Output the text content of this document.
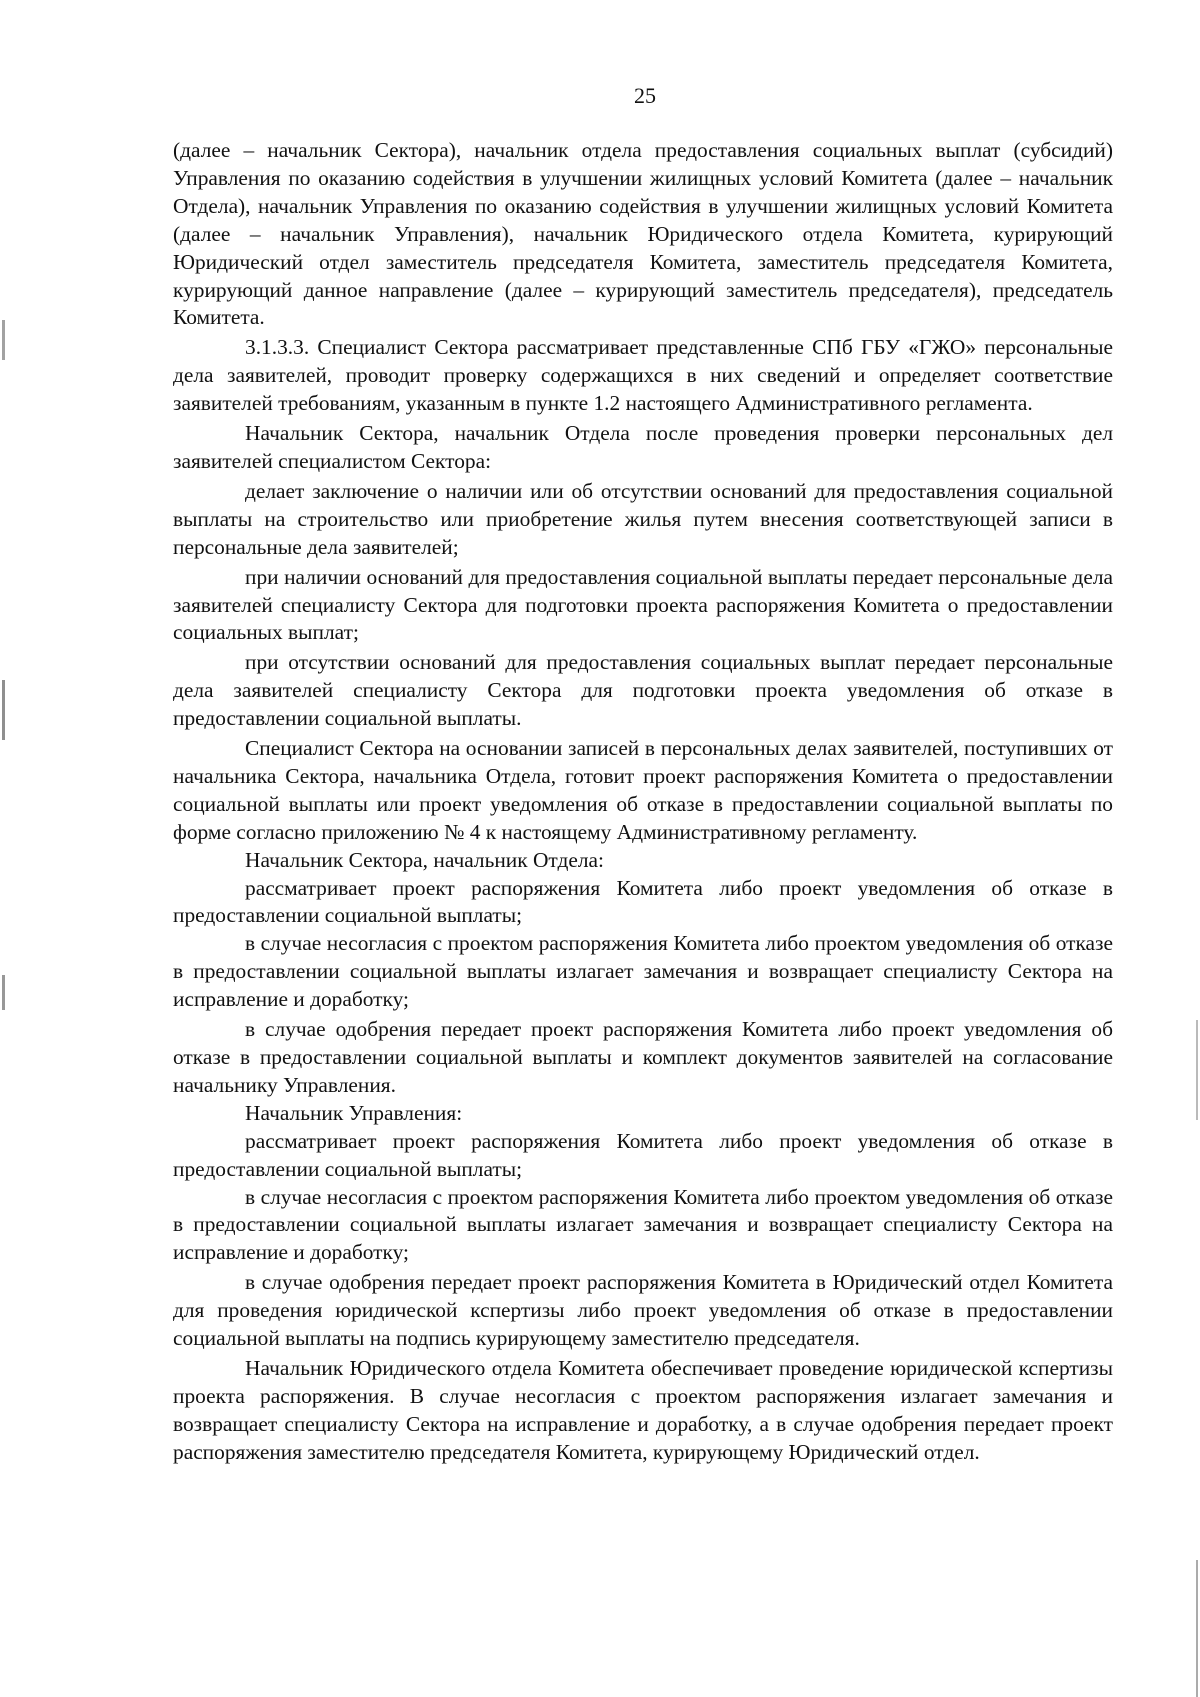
25

(далее – начальник Сектора), начальник отдела предоставления социальных выплат (субсидий) Управления по оказанию содействия в улучшении жилищных условий Комитета (далее – начальник Отдела), начальник Управления по оказанию содействия в улучшении жилищных условий Комитета (далее – начальник Управления), начальник Юридического отдела Комитета, курирующий Юридический отдел заместитель председателя Комитета, заместитель председателя Комитета, курирующий данное направление (далее – курирующий заместитель председателя), председатель Комитета.

3.1.3.3. Специалист Сектора рассматривает представленные СПб ГБУ «ГЖО» персональные дела заявителей, проводит проверку содержащихся в них сведений и определяет соответствие заявителей требованиям, указанным в пункте 1.2 настоящего Административного регламента.

Начальник Сектора, начальник Отдела после проведения проверки персональных дел заявителей специалистом Сектора:

делает заключение о наличии или об отсутствии оснований для предоставления социальной выплаты на строительство или приобретение жилья путем внесения соответствующей записи в персональные дела заявителей;

при наличии оснований для предоставления социальной выплаты передает персональные дела заявителей специалисту Сектора для подготовки проекта распоряжения Комитета о предоставлении социальных выплат;

при отсутствии оснований для предоставления социальных выплат передает персональные дела заявителей специалисту Сектора для подготовки проекта уведомления об отказе в предоставлении социальной выплаты.

Специалист Сектора на основании записей в персональных делах заявителей, поступивших от начальника Сектора, начальника Отдела, готовит проект распоряжения Комитета о предоставлении социальной выплаты или проект уведомления об отказе в предоставлении социальной выплаты по форме согласно приложению № 4 к настоящему Административному регламенту.

Начальник Сектора, начальник Отдела:

рассматривает проект распоряжения Комитета либо проект уведомления об отказе в предоставлении социальной выплаты;

в случае несогласия с проектом распоряжения Комитета либо проектом уведомления об отказе в предоставлении социальной выплаты излагает замечания и возвращает специалисту Сектора на исправление и доработку;

в случае одобрения передает проект распоряжения Комитета либо проект уведомления об отказе в предоставлении социальной выплаты и комплект документов заявителей на согласование начальнику Управления.

Начальник Управления:

рассматривает проект распоряжения Комитета либо проект уведомления об отказе в предоставлении социальной выплаты;

в случае несогласия с проектом распоряжения Комитета либо проектом уведомления об отказе в предоставлении социальной выплаты излагает замечания и возвращает специалисту Сектора на исправление и доработку;

в случае одобрения передает проект распоряжения Комитета в Юридический отдел Комитета для проведения юридической кспертизы либо проект уведомления об отказе в предоставлении социальной выплаты на подпись курирующему заместителю председателя.

Начальник Юридического отдела Комитета обеспечивает проведение юридической кспертизы проекта распоряжения. В случае несогласия с проектом распоряжения излагает замечания и возвращает специалисту Сектора на исправление и доработку, а в случае одобрения передает проект распоряжения заместителю председателя Комитета, курирующему Юридический отдел.
